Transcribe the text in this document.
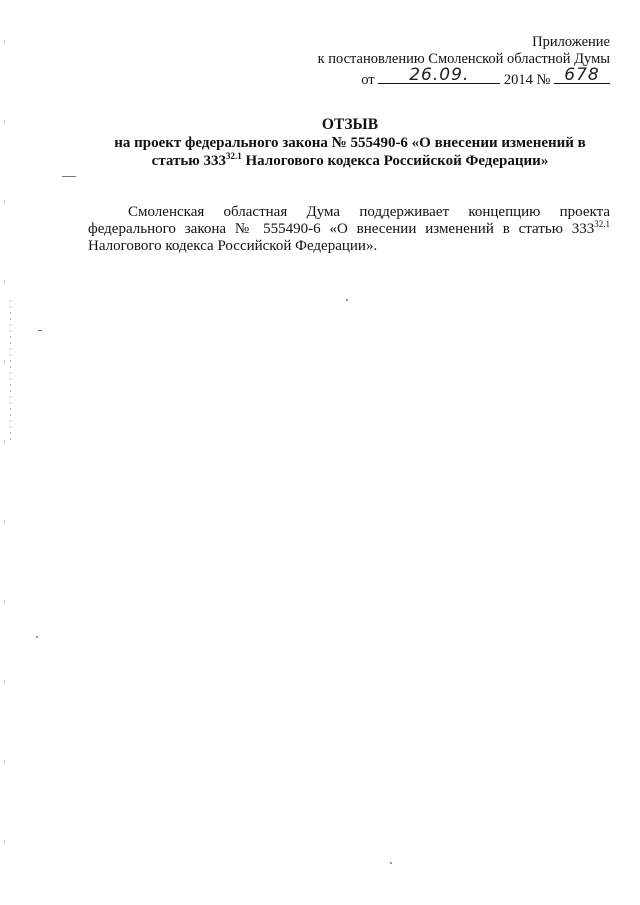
Приложение
к постановлению Смоленской областной Думы
от	26.09.	2014 № 678
ОТЗЫВ
на проект федерального закона № 555490-6 «О внесении изменений в
статью $333^{32.1}$ Налогового кодекса Российской Федерации»
Смоленская областная Дума поддерживает концепцию проекта федерального закона № 555490-6 «О внесении изменений в статью $333^{32.1}$ Налогового кодекса Российской Федерации».
